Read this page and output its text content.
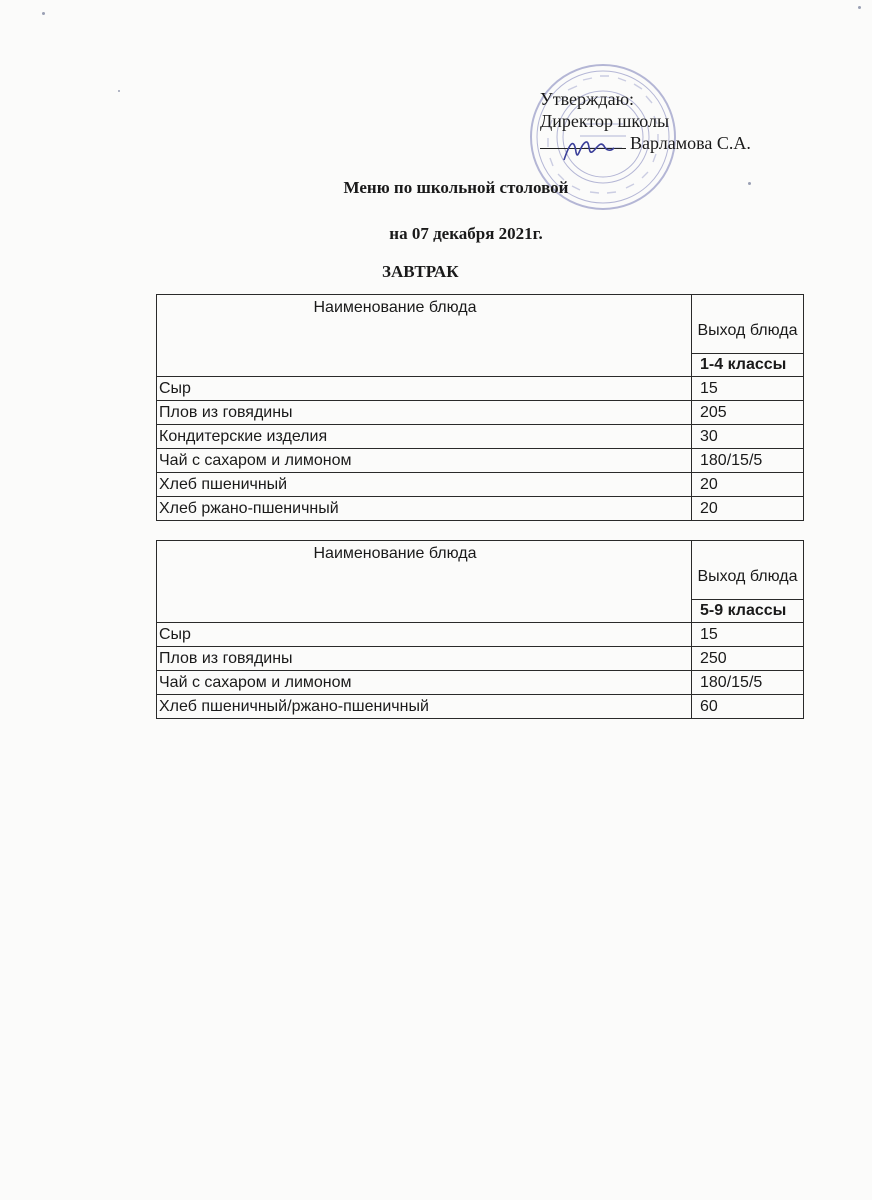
Утверждаю:
Директор школы
Варламова С.А.
Меню по школьной столовой
на 07 декабря 2021г.
ЗАВТРАК
Наименование блюда	Выход блюда
	1-4 классы
Сыр	15
Плов из говядины	205
Кондитерские изделия	30
Чай с сахаром и лимоном	180/15/5
Хлеб пшеничный	20
Хлеб ржано-пшеничный	20
Наименование блюда	Выход блюда
	5-9 классы
Сыр	15
Плов из говядины	250
Чай с сахаром и лимоном	180/15/5
Хлеб пшеничный/ржано-пшеничный	60
